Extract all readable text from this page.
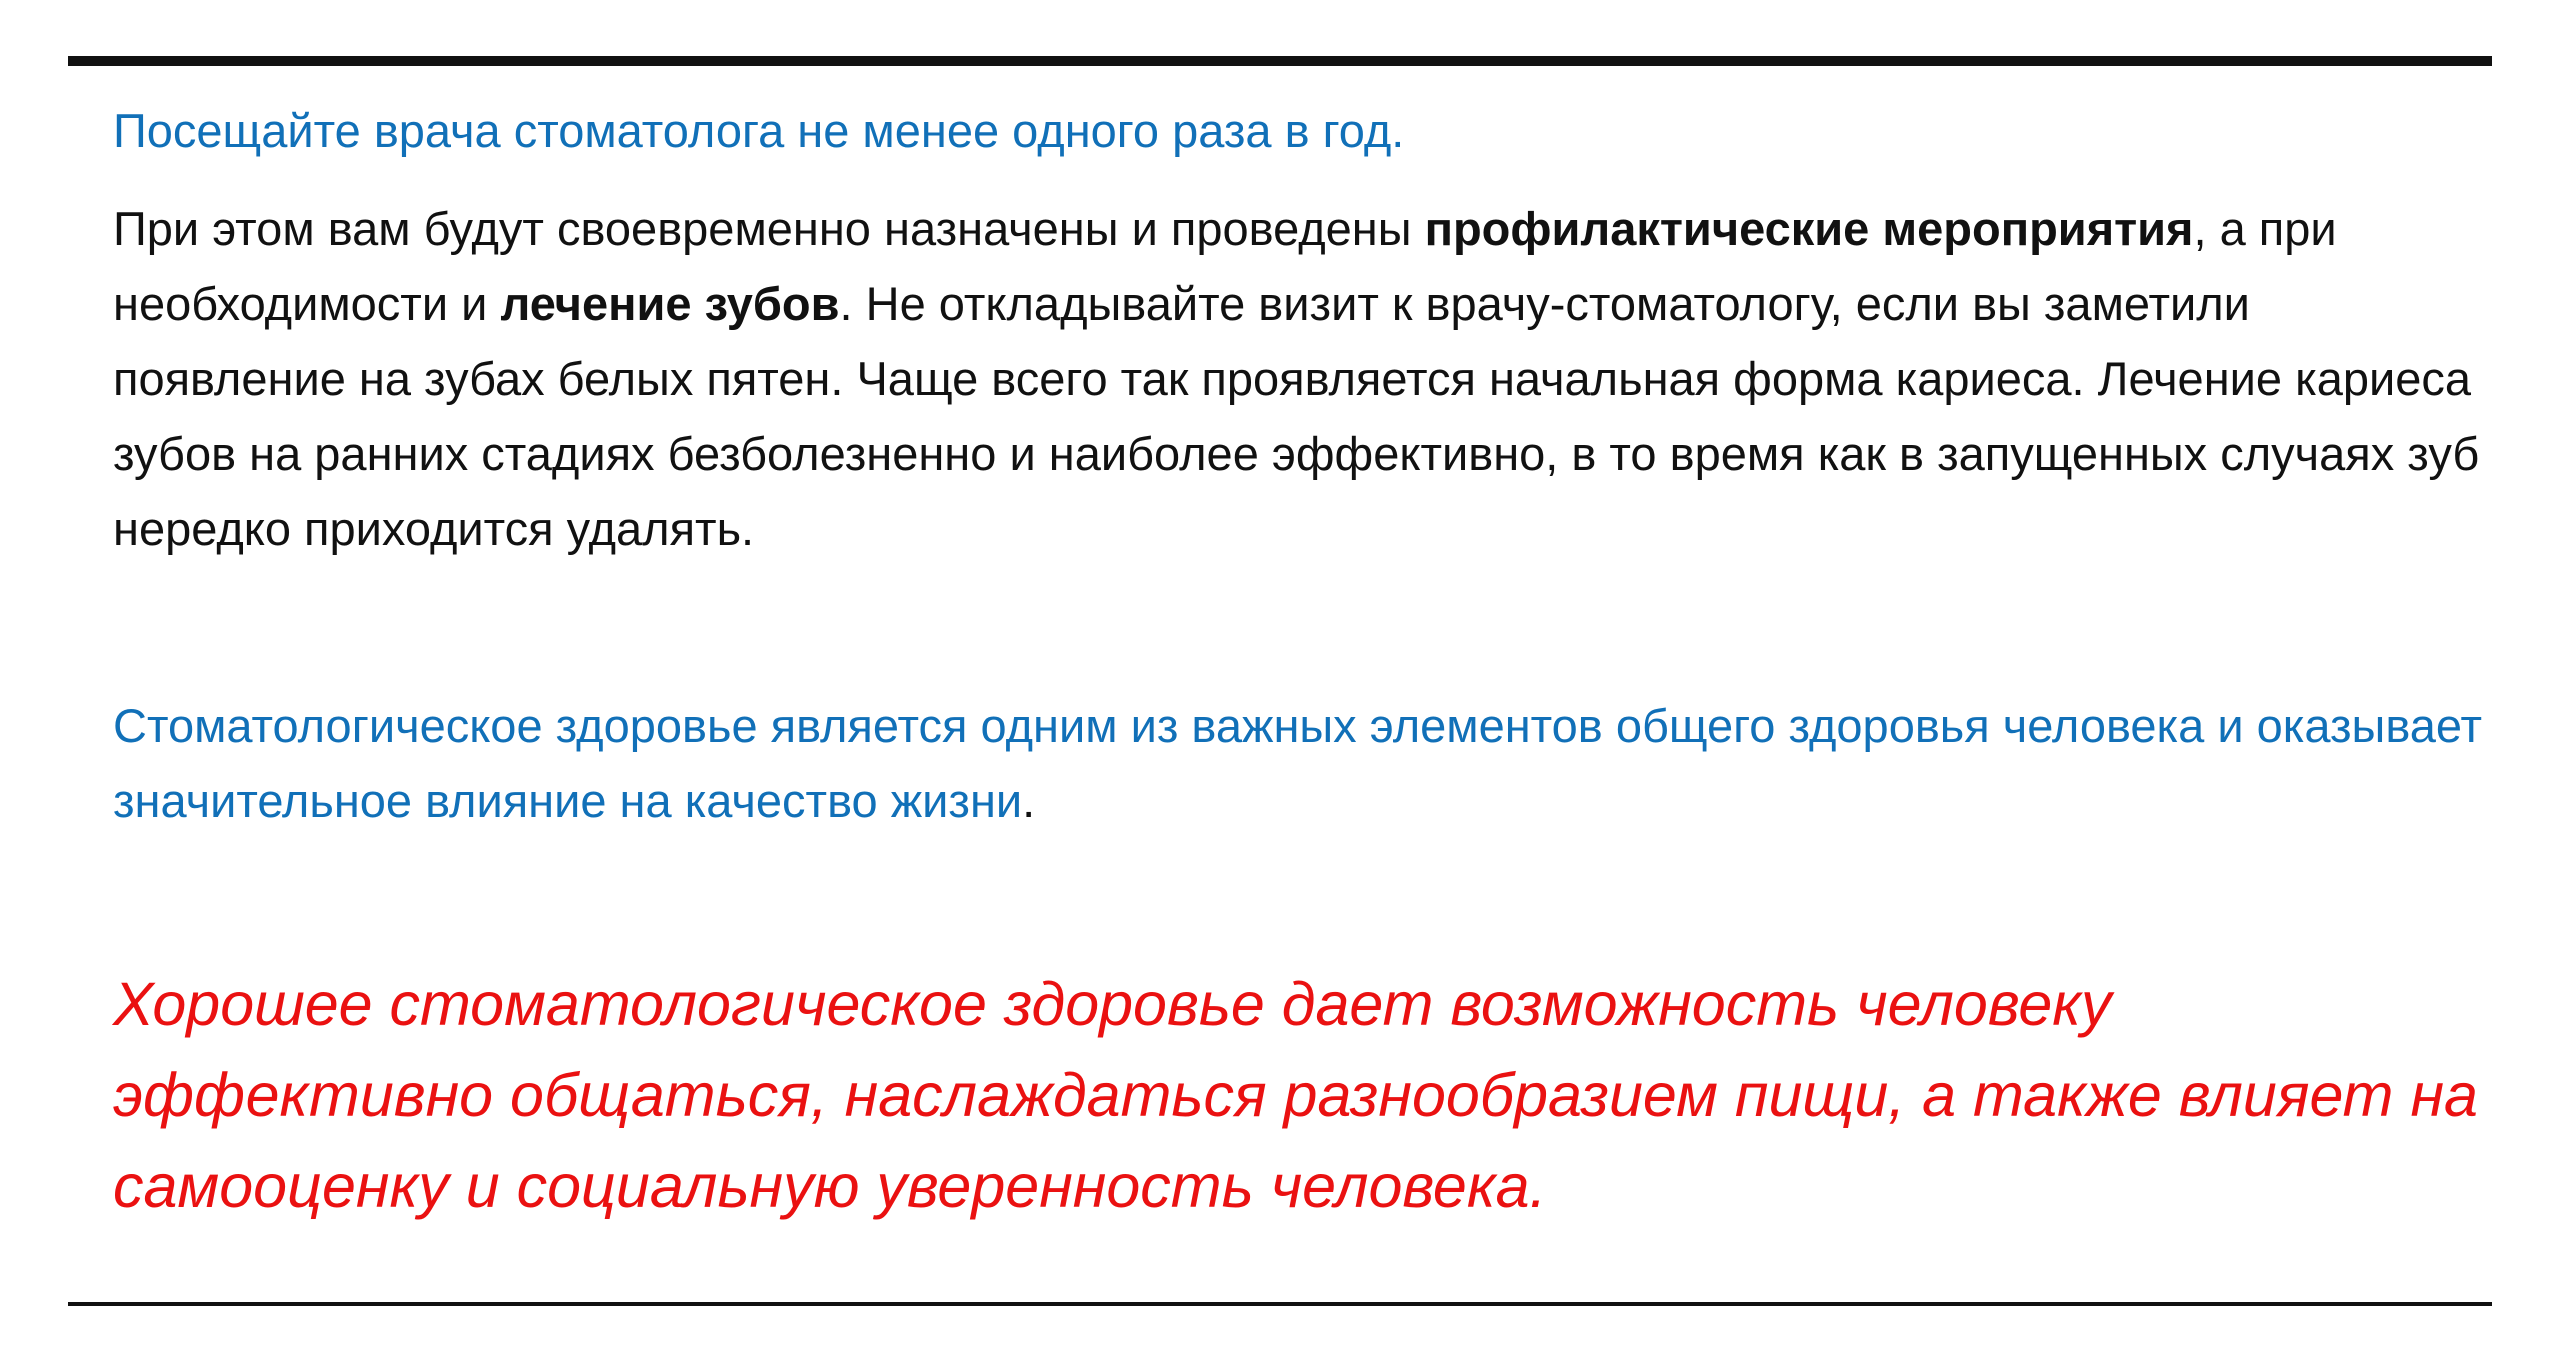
Посещайте врача стоматолога не менее одного раза в год.

При этом вам будут своевременно назначены и проведены профилактические мероприятия, а при необходимости и лечение зубов. Не откладывайте визит к врачу-стоматологу, если вы заметили появление на зубах белых пятен. Чаще всего так проявляется начальная форма кариеса. Лечение кариеса зубов на ранних стадиях безболезненно и наиболее эффективно, в то время как в запущенных случаях зуб нередко приходится удалять.

Стоматологическое здоровье является одним из важных элементов общего здоровья человека и оказывает значительное влияние на качество жизни.

Хорошее стоматологическое здоровье дает возможность человеку эффективно общаться, наслаждаться разнообразием пищи, а также влияет на самооценку и социальную уверенность человека.
